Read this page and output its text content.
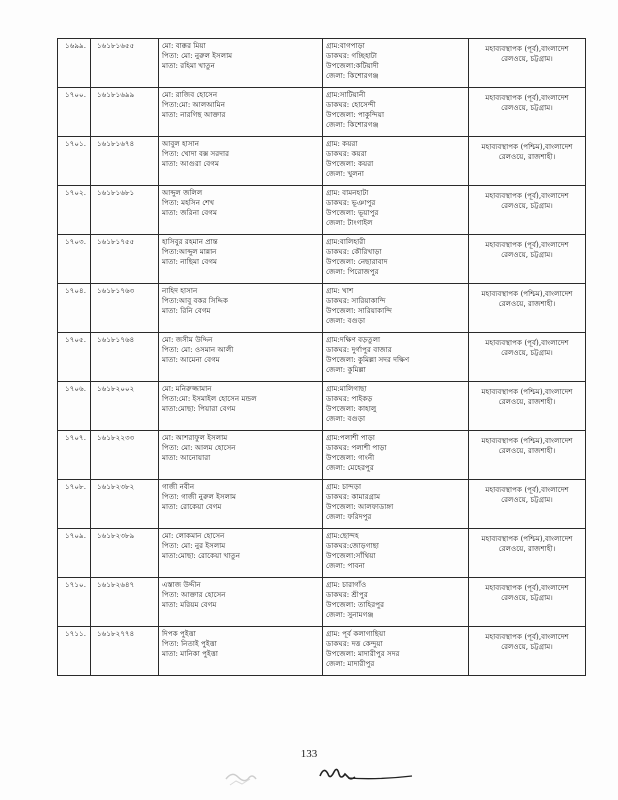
১৬৯৯.	১৬১৮১৬৫৫	মো: বাক্কর মিয়া
পিতা: মো: নুরুল ইসলাম
মাতা: রহিমা খাতুন	গ্রাম:বাগপাড়া
ডাকঘর: গচ্ছিহাটা
উপজেলা:কটিয়াদী
জেলা: কিশোরগঞ্জ	মহাব্যবস্থাপক (পূর্ব),বাংলাদেশ রেলওয়ে, চট্টগ্রাম।
১৭০০.	১৬১৮১৬৯৯	মো: রাজিব হোসেন
পিতা:মো: আলআমিন
মাতা: নারগিছ আক্তার	গ্রাম:সাটিয়ানী
ডাকঘর: হোসেন্দী
উপজেলা: পাকুন্দিয়া
জেলা: কিশোরগঞ্জ	মহাব্যবস্থাপক (পূর্ব),বাংলাদেশ রেলওয়ে, চট্টগ্রাম।
১৭০১.	১৬১৮১৬৭৪	আবুল হাসান
পিতা: খোদা বক্স সরদার
মাতা: আগুরা বেগম	গ্রাম: কয়রা
ডাকঘর: কয়রা
উপজেলা: কয়রা
জেলা: খুলনা	মহাব্যবস্থাপক (পশ্চিম),বাংলাদেশ রেলওয়ে, রাজশাহী।
১৭০২.	১৬১৮১৬৮১	আব্দুল জলিল
পিতা: মহসিন শেখ
মাতা: জরিনা বেগম	গ্রাম: বামনহাটা
ডাকঘর: ভূঞাপুর
উপজেলা: ভূয়াপুর
জেলা: টাংগাইল	মহাব্যবস্থাপক (পূর্ব),বাংলাদেশ রেলওয়ে, চট্টগ্রাম।
১৭০৩.	১৬১৮১৭৫৫	হাসিবুর রহমান প্রান্ত
পিতা:আব্দুল মান্নান
মাতা: নাছিমা বেগম	গ্রাম:বালিহারী
ডাকঘর: কৌরিখাড়া
উপজেলা: নেছারাবাদ
জেলা: পিরোজপুর	মহাব্যবস্থাপক (পূর্ব),বাংলাদেশ রেলওয়ে, চট্টগ্রাম।
১৭০৪.	১৬১৮১৭৬৩	নাহিদ হাসান
পিতা:আবু বকর সিদ্দিক
মাতা: রিনি বেগম	গ্রাম: খাশ
ডাকঘর: সারিয়াকান্দি
উপজেলা: সারিয়াকান্দি
জেলা: বগুড়া	মহাব্যবস্থাপক (পশ্চিম),বাংলাদেশ রেলওয়ে, রাজশাহী।
১৭০৫.	১৬১৮১৭৬৪	মো: জসীম উদ্দিন
পিতা: মো: ওসমান আলী
মাতা: আমেনা বেগম	গ্রাম:দক্ষিণ বড়তুলা
ডাকঘর: দুর্গাপুর বাজার
উপজেলা: কুমিল্লা সদর দক্ষিণ
জেলা: কুমিল্লা	মহাব্যবস্থাপক (পূর্ব),বাংলাদেশ রেলওয়ে, চট্টগ্রাম।
১৭০৬.	১৬১৮২০০২	মো: মনিরুজ্জামান
পিতা:মো: ইসমাইল হোসেন মন্ডল
মাতা:মোছা: পিয়ারা বেগম	গ্রাম:মালিগাছা
ডাকঘর: পাইকড়
উপজেলা: কাহালু
জেলা: বগুড়া	মহাব্যবস্থাপক (পশ্চিম),বাংলাদেশ রেলওয়ে, রাজশাহী।
১৭০৭.	১৬১৮২২৩৩	মো: আশরাফুল ইসলাম
পিতা: মো: আলম হোসেন
মাতা: আনোয়ারা	গ্রাম:পলাশী পাড়া
ডাকঘর: পলাশী পাড়া
উপজেলা: গাংনী
জেলা: মেহেরপুর	মহাব্যবস্থাপক (পশ্চিম),বাংলাদেশ রেলওয়ে, রাজশাহী।
১৭০৮.	১৬১৮২৩৮২	গাজী নবীন
পিতা: গাজী নুরুল ইসলাম
মাতা: রোকেয়া বেগম	গ্রাম: চান্দড়া
ডাকঘর: কামারগ্রাম
উপজেলা: আলফাডাঙ্গা
জেলা: ফরিদপুর	মহাব্যবস্থাপক (পূর্ব),বাংলাদেশ রেলওয়ে, চট্টগ্রাম।
১৭০৯.	১৬১৮২৩৮৯	মো: লোকমান হোসেন
পিতা: মো: নুর ইসলাম
মাতা:মোছা: রোকেয়া খাতুন	গ্রাম:ছোন্দহ
ডাকঘর:জোড়গাছা
উপজেলা:সাঁথিয়া
জেলা: পাবনা	মহাব্যবস্থাপক (পশ্চিম),বাংলাদেশ রেলওয়ে, রাজশাহী।
১৭১০.	১৬১৮২৬৪৭	এস্তাজ উদ্দীন
পিতা: আক্তার হোসেন
মাতা: মরিয়ম বেগম	গ্রাম: চারাগাঁও
ডাকঘর: শ্রীপুর
উপজেলা: তাহিরপুর
জেলা: সুনামগঞ্জ	মহাব্যবস্থাপক (পূর্ব),বাংলাদেশ রেলওয়ে, চট্টগ্রাম।
১৭১১.	১৬১৮২৭৭৪	দিপক পুইত্তা
পিতা: নিতাই পুইত্তা
মাতা: মানিকা পুইত্তা	গ্রাম: পূর্ব কলাগাছিয়া
ডাকঘর: দত্ত কেন্দুয়া
উপজেলা: মাদারীপুর সদর
জেলা: মাদারীপুর	মহাব্যবস্থাপক (পূর্ব),বাংলাদেশ রেলওয়ে, চট্টগ্রাম।
133
